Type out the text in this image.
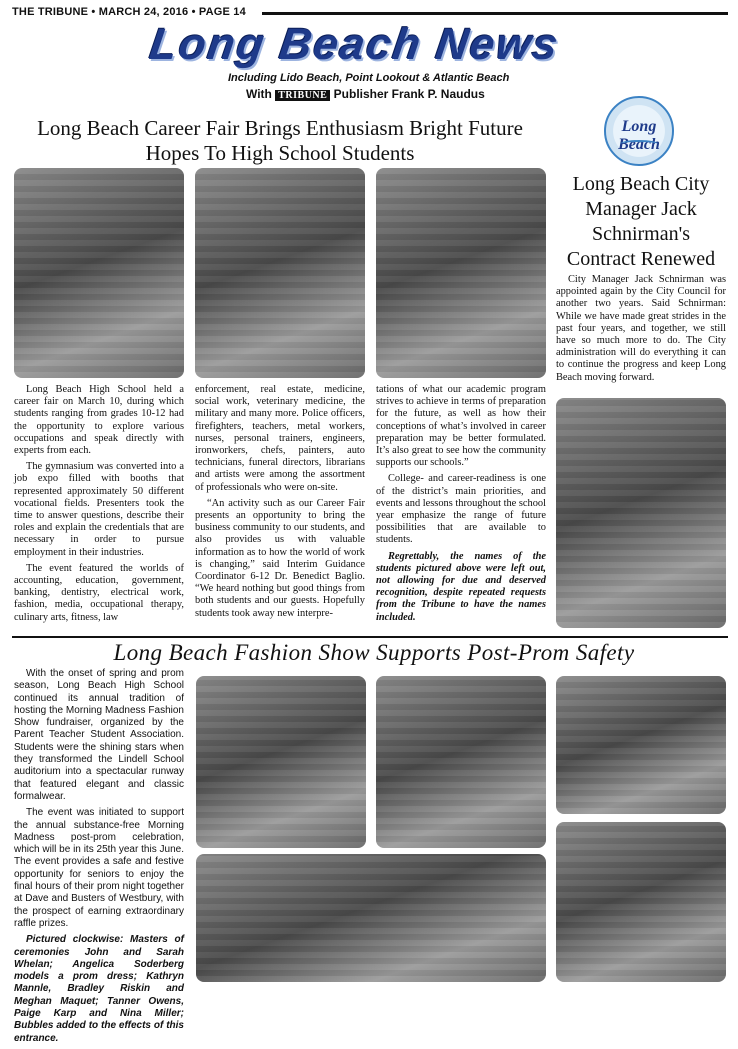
THE TRIBUNE • MARCH 24, 2016 • PAGE 14
Long Beach News
Including Lido Beach, Point Lookout & Atlantic Beach
With TRIBUNE Publisher Frank P. Naudus
Long Beach
Long Beach Career Fair Brings Enthusiasm Bright Future Hopes To High School Students

Long Beach High School held a career fair on March 10, during which students ranging from grades 10-12 had the opportunity to explore various occupations and speak directly with experts from each.

The gymnasium was converted into a job expo filled with booths that represented approximately 50 different vocational fields. Presenters took the time to answer questions, describe their roles and explain the credentials that are necessary in order to pursue employment in their industries.

The event featured the worlds of accounting, education, government, banking, dentistry, electrical work, fashion, media, occupational therapy, culinary arts, fitness, law

enforcement, real estate, medicine, social work, veterinary medicine, the military and many more. Police officers, firefighters, teachers, metal workers, nurses, personal trainers, engineers, ironworkers, chefs, painters, auto technicians, funeral directors, librarians and artists were among the assortment of professionals who were on-site.

“An activity such as our Career Fair presents an opportunity to bring the business community to our students, and also provides us with valuable information as to how the world of work is changing,” said Interim Guidance Coordinator 6-12 Dr. Benedict Baglio. “We heard nothing but good things from both students and our guests. Hopefully students took away new interpre-

tations of what our academic program strives to achieve in terms of preparation for the future, as well as how their conceptions of what’s involved in career preparation may be better formulated. It’s also great to see how the community supports our schools.”

College- and career-readiness is one of the district’s main priorities, and events and lessons throughout the school year emphasize the range of future possibilities that are available to students.

Regrettably, the names of the students pictured above were left out, not allowing for due and deserved recognition, despite repeated requests from the Tribune to have the names included.

Long Beach City Manager Jack Schnirman's Contract Renewed

City Manager Jack Schnirman was appointed again by the City Council for another two years. Said Schnirman: While we have made great strides in the past four years, and together, we still have so much more to do. The City administration will do everything it can to continue the progress and keep Long Beach moving forward.

Long Beach Fashion Show Supports Post-Prom Safety

With the onset of spring and prom season, Long Beach High School continued its annual tradition of hosting the Morning Madness Fashion Show fundraiser, organized by the Parent Teacher Student Association. Students were the shining stars when they transformed the Lindell School auditorium into a spectacular runway that featured elegant and classic formalwear.

The event was initiated to support the annual substance-free Morning Madness post-prom celebration, which will be in its 25th year this June. The event provides a safe and festive opportunity for seniors to enjoy the final hours of their prom night together at Dave and Busters of Westbury, with the prospect of earning extraordinary raffle prizes.

Pictured clockwise: Masters of ceremonies John and Sarah Whelan; Angelica Soderberg models a prom dress; Kathryn Mannle, Bradley Riskin and Meghan Maquet; Tanner Owens, Paige Karp and Nina Miller; Bubbles added to the effects of this entrance.
